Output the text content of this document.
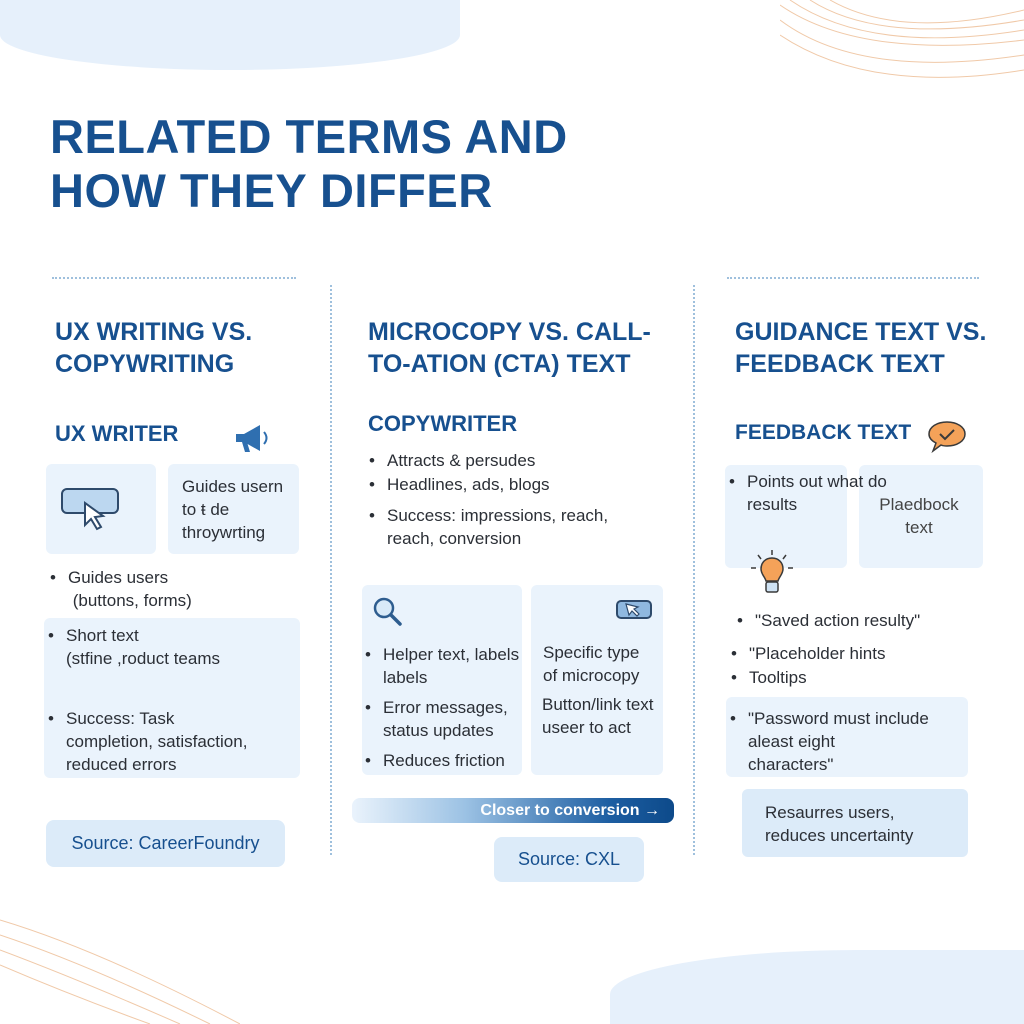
RELATED TERMS AND
HOW THEY DIFFER
UX WRITING VS.
COPYWRITING
UX WRITER
Guides usern
to ŧ de
throywrting
• Guides users
(buttons, forms)
• Short text
(stfine ,roduct teams
• Success: Task
completion, satisfaction,
reduced errors
Source: CareerFoundry
MICROCOPY VS. CALL-
TO-ATION (CTA) TEXT
COPYWRITER
• Attracts & persudes
• Headlines, ads, blogs
• Success: impressions, reach,
reach, conversion
• Helper text, labels
labels
• Error messages,
status updates
• Reduces friction
Specific type
of microcopy
Button/link text
useer to act
Closer to conversion →
Source: CXL
GUIDANCE TEXT VS.
FEEDBACK TEXT
FEEDBACK TEXT
• Points out what do
results	Plaedbock
text
• "Saved action resulty"
• "Placeholder hints
• Tooltips
• "Password must include
aleast eight
characters"
Resaurres users,
reduces uncertainty
